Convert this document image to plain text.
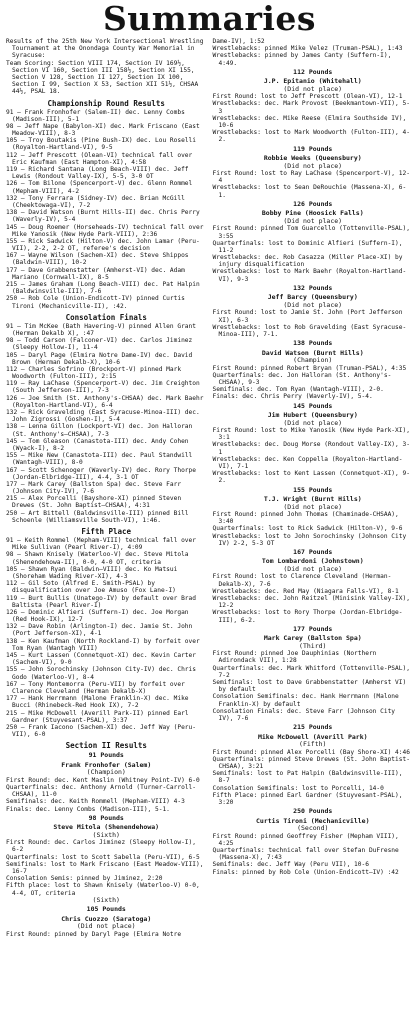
Summaries
Results of the 25th New York Intersectional Wrestling Tournament at the Onondaga County War Memorial in Syracuse:
Team Scoring: Section VIII 174, Section IV 169½, Section VI 160, Section III 158½, Section XI 155, Section V 128, Section II 127, Section IX 100, Section I 99, Section X 53, Section XII 51½, CHSAA 44½, PSAL 18.
Championship Round Results
91 — Frank Fronhofer (Salem-II) dec. Lenny Combs (Madison-III), 5-1
98 — Jeff Nape (Babylon-XI) dec. Mark Friscano (East Meadow-VIII), 8-3
105 — Troy Boutakis (Pine Bush-IX) dec. Lou Roselli (Royalton-Hartland-VI), 9-5
112 — Jeff Prescott (Olean-VI) technical fall over Eric Kaufman (East Hampton-XI), 4:58
119 — Richard Santana (Long Beach-VIII) dec. Jeff Lewis (Rondout Valley-IX), 5-5, 3-0 OT
126 — Tom Bilone (Spencerport-V) dec. Glenn Rommel (Mepham-VIII), 4-2
132 — Tony Ferrara (Sidney-IV) dec. Brian McGill (Cheektowaga-VI), 7-2
138 — David Watson (Burnt Hills-II) dec. Chris Perry (Waverly-IV), 5-4
145 — Doug Roemer (Horseheads-IV) technical fall over Mike Yanosik (New Hyde Park-VIII), 2:36
155 — Rick Sadwick (Hilton-V) dec. John Lamar (Peru-VII), 2-2, 2-2 OT, referee's decision
167 — Wayne Wilson (Sachem-XI) dec. Steve Shippos (Baldwin-VIII), 10-2
177 — Dave Grabbenstatter (Amherst-VI) dec. Adam Mariano (Cornwall-IX), 8-5
215 — James Graham (Long Beach-VIII) dec. Pat Halpin (Baldwinsville-III), 7-6
250 — Rob Cole (Union-Endicott-IV) pinned Curtis Tironi (Mechanicville-II), :42.
Consolation Finals
91 — Tim McKee (Bath Havering-V) pinned Allen Grant (Herman Dekalb X), :47
98 — Todd Carson (Falconer-VI) dec. Carlos Jiminez (Sleepy Hollow-I), 11-4
105 — Daryl Page (Elmira Notre Dame-IV) dec. David Brown (Herman Dekalb-X), 10-6
112 — Charles Sofrino (Brockport-V) pinned Mark Woodworth (Fulton-III), 2:15
119 — Ray LaChase (Spencerport-V) dec. Jim Creighton (South Jefferson-III), 7-3
126 — Joe Smith (St. Anthony's-CHSAA) dec. Mark Baehr (Royalton-Hartland-VI), 6-4
132 — Rick Gravelding (East Syracuse-Minoa-III) dec. John Zigrossi (Goshen-I), 5-4
138 — Lenna Gillon (Lockport-VI) dec. Jon Halloran (St. Anthony's—CHSAA), 7-3
145 — Tom Gleason (Canastota-III) dec. Andy Cohen (Wyack-I), 8-2
155 — Mike New (Canastota-III) dec. Paul Standwill (Wantagh-VIII), 8-0
167 — Scott Schenoger (Waverly-IV) dec. Rory Thorpe (Jordan-Elbridge-III), 4-4, 3-1 OT
177 — Mark Carey (Ballston Spa) dec. Steve Farr (Johnson City-IV), 7-6
215 — Alex Porcelli (Bayshore-XI) pinned Steven Drewes (St. John Baptist—CHSAA), 4:31
250 — Art Bittell (Baldwinsville-III) pinned Bill Schoenle (Williamsville South-VI), 1:46.
Fifth Place
91 — Keith Rommel (Mepham-VIII) technical fall over Mike Sullivan (Pearl River-I), 4:09
98 — Shawn Knisely (Waterloo-V) dec. Steve Mitola (Shenendehowa-II), 0-0, 4-0 OT, criteria
105 — Shawn Ryan (Baldwin—VIII) dec. Ko Matsui (Shoreham Wading River-XI), 4-3
112 — Gil Soto (Alfred E. Smith-PSAL) by disqualification over Joe Amuso (Fox Lane-I)
119 — Burt Bullis (Unatego-IV) by default over Brad Baltista (Pearl River-I)
126 — Dominic Alfieri (Suffern-I) dec. Joe Morgan (Red Hook-IX), 12-7
132 — Dave Robin (Arlington-I) dec. Jamie St. John (Port Jefferson-XI), 4-1
138 — Ken Kaufman (North Rockland-I) by forfeit over Tom Ryan (Wantagh VIII)
145 — Kurt Lassen (Connetquot-XI) dec. Kevin Carter (Sachem-VI), 9-0
155 — John Sorochinsky (Johnson City-IV) dec. Chris Godo (Waterloo-V), 8-4
167 — Tony Montemorra (Peru-VII) by forfeit over Clarence Cleveland (Herman Dekalb-X)
177 — Hank Herrmann (Malone Franklin-X) dec. Mike Bucci (Rhinebeck-Red Hook IX), 7-2
215 — Mike McDowell (Averill Park-II) pinned Earl Gardner (Stuyvesant-PSAL), 3:37
250 — Frank Iacono (Sachem-XI) dec. Jeff Way (Peru-VII), 6-0
Section II Results
91 Pounds
Frank Fronhofer (Salem)
(Champion)
First Round: dec. Kent Maslin (Whitney Point-IV) 6-0
Quarterfinals: dec. Anthony Arnold (Turner-Carroll-CHSAA), 11-0
Semifinals: dec. Keith Rommell (Mepham-VIII) 4-3
Finals: dec. Lenny Combs (Madison-III), 5-1.
98 Pounds
Steve Mitola (Shenendehowa)
(Sixth)
First Round: dec. Carlos Jiminez (Sleepy Hollow-I), 6-2
Quarterfinals: lost to Scott Sabella (Peru-VII), 6-5
Semifinals: lost to Mark Friscano (East Meadow-VIII), 16-7
Consolation Semis: pinned by Jiminez, 2:20
Fifth place: lost to Shawn Knisely (Waterloo-V) 0-0, 4-4, OT, criteria
(Sixth)
105 Pounds
Chris Cuozzo (Saratoga)
(Did not place)
First Round: pinned by Daryl Page (Elmira Notre
Dame-IV), 1:52
Wrestlebacks: pinned Mike Velez (Truman-PSAL), 1:43
Wrestlebacks: pinned by James Canty (Suffern-I), 4:49.
112 Pounds
J.P. Epitanio (Whitehall)
(Did not place)
First Round: lost to Jeff Prescott (Olean-VI), 12-1
Wrestlebacks: dec. Mark Provost (Beekmantown-VII), 5-3
Wrestlebacks: dec. Mike Reese (Elmira Southside IV), 10-6
Wrestlebacks: lost to Mark Woodworth (Fulton-III), 4-2.
119 Pounds
Robbie Weeks (Queensbury)
(Did not place)
First Round: lost to Ray LaChase (Spencerport-V), 12-4
Wrestlebacks: lost to Sean DeRouchie (Massena-X), 6-1.
126 Pounds
Bobby Pine (Hoosick Falls)
(Did not place)
First Round: pinned Tom Guarcello (Tottenville-PSAL), 3:55
Quarterfinals: lost to Dominic Alfieri (Suffern-I), 11-2
Wrestlebacks: dec. Rob Casazza (Miller Place-XI) by injury disqualification
Wrestlebacks: lost to Mark Baehr (Royalton-Hartland-VI), 9-3
132 Pounds
Jeff Barcy (Queensbury)
(Did not place)
First Round: lost to Jamie St. John (Port Jefferson XI), 6-3
Wrestlebacks: lost to Rob Gravelding (East Syracuse-Minoa-III), 7-1.
138 Pounds
David Watson (Burnt Hills)
(Champion)
First Round: pinned Robert Bryan (Truman-PSAL), 4:35
Quarterfinals: dec. Jon Halloran (St. Anthony's-CHSAA), 9-3
Semifinals: dec. Tom Ryan (Wantagh-VIII), 2-0.
Finals: dec. Chris Perry (Waverly-IV), 5-4.
145 Pounds
Jim Hubert (Queensbury)
(Did not place)
First Round: lost to Mike Yanosik (New Hyde Park-XI), 3:1
Wrestlebacks: dec. Doug Morse (Rondout Valley-IX), 3-1
Wrestlebacks: dec. Ken Coppella (Royalton-Hartland-VI), 7-1
Wrestlebacks: lost to Kent Lassen (Connetquot-XI), 9-2.
155 Pounds
T.J. Wright (Burnt Hills)
(Did not place)
First Round: pinned John Thomas (Chaminade-CHSAA), 3:40
Quarterfinals: lost to Rick Sadwick (Hilton-V), 9-6
Wrestlebacks: lost to John Sorochinsky (Johnson City IV) 2-2, 5-3 OT
167 Pounds
Tom Lombardoni (Johnstown)
(Did not place)
First Round: lost to Clarence Cleveland (Herman-Dekalb-X), 7-6
Wrestlebacks: dec. Red May (Niagara Falls-VI), 8-1
Wrestlebacks: dec. John Reitzel (Minisink Valley-IX), 12-2
Wrestlebacks: lost to Rory Thorpe (Jordan-Elbridge-III), 6-2.
177 Pounds
Mark Carey (Ballston Spa)
(Third)
First Round: pinned Joe Dauphinias (Northern Adirondack VII), 1:28
Quarterfinals: dec. Mark Whitford (Tottenville-PSAL), 7-2
Semifinals: lost to Dave Grabbenstatter (Amherst VI) by default
Consolation Semifinals: dec. Hank Herrmann (Malone Franklin-X) by default
Consolation Finals: dec. Steve Farr (Johnson City IV), 7-6
215 Pounds
Mike McDowell (Averill Park)
(Fifth)
First Round: pinned Alex Porcelli (Bay Shore-XI) 4:46
Quarterfinals: pinned Steve Drewes (St. John Baptist-CHSAA), 3:21
Semifinals: lost to Pat Halpin (Baldwinsville-III), 8-7
Consolation Semifinals: lost to Porcelli, 14-0
Fifth Place: pinned Earl Gardner (Stuyvesant-PSAL), 3:20
250 Pounds
Curtis Tironi (Mechanicville)
(Second)
First Round: pinned Geoffrey Fisher (Mepham VIII), 4:25
Quarterfinals: technical fall over Stefan DuFresne (Massena-X), 7:43
Semifinals: dec. Jeff Way (Peru VII), 10-6
Finals: pinned by Rob Cole (Union-Endicott—IV) :42
